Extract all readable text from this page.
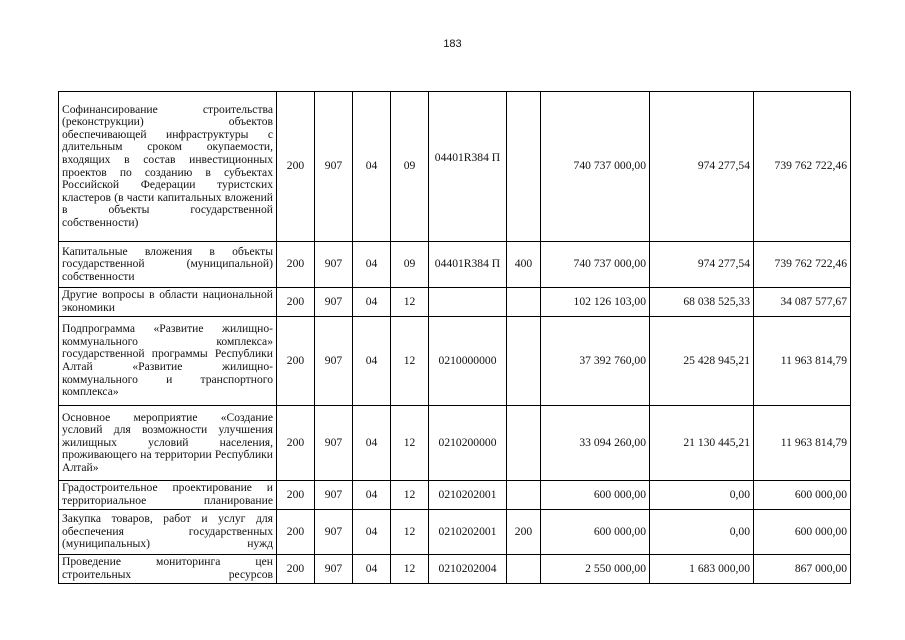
183
Софинансирование строительства (реконструкции) объектов обеспечивающей инфраструктуры с длительным сроком окупаемости, входящих в состав инвестиционных проектов по созданию в субъектах Российской Федерации туристских кластеров (в части капитальных вложений в объекты государственной собственности)	200	907	04	09	04401R384 П		740 737 000,00	974 277,54	739 762 722,46

Капитальные вложения в объекты государственной (муниципальной) собственности	200	907	04	09	04401R384 П	400	740 737 000,00	974 277,54	739 762 722,46

Другие вопросы в области национальной экономики	200	907	04	12			102 126 103,00	68 038 525,33	34 087 577,67

Подпрограмма «Развитие жилищно-коммунального комплекса» государственной программы Республики Алтай «Развитие жилищно-коммунального и транспортного комплекса»	200	907	04	12	0210000000		37 392 760,00	25 428 945,21	11 963 814,79

Основное мероприятие «Создание условий для возможности улучшения жилищных условий населения, проживающего на территории Республики Алтай»	200	907	04	12	0210200000		33 094 260,00	21 130 445,21	11 963 814,79

Градостроительное проектирование и территориальное планирование	200	907	04	12	0210202001		600 000,00	0,00	600 000,00

Закупка товаров, работ и услуг для обеспечения государственных (муниципальных) нужд	200	907	04	12	0210202001	200	600 000,00	0,00	600 000,00

Проведение мониторинга цен строительных ресурсов	200	907	04	12	0210202004		2 550 000,00	1 683 000,00	867 000,00
